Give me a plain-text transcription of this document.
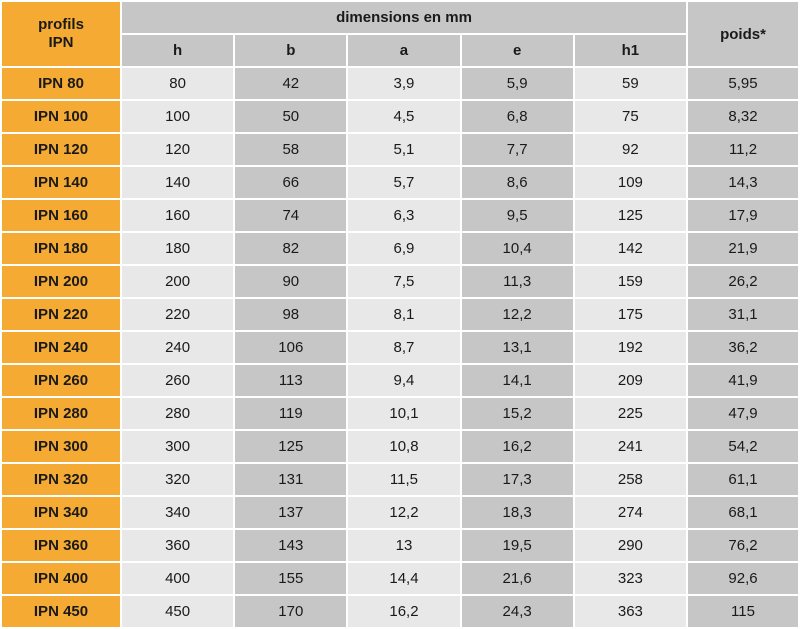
profils
IPN	dimensions en mm					poids*
	h	b	a	e	h1	
IPN 80	80	42	3,9	5,9	59	5,95
IPN 100	100	50	4,5	6,8	75	8,32
IPN 120	120	58	5,1	7,7	92	11,2
IPN 140	140	66	5,7	8,6	109	14,3
IPN 160	160	74	6,3	9,5	125	17,9
IPN 180	180	82	6,9	10,4	142	21,9
IPN 200	200	90	7,5	11,3	159	26,2
IPN 220	220	98	8,1	12,2	175	31,1
IPN 240	240	106	8,7	13,1	192	36,2
IPN 260	260	113	9,4	14,1	209	41,9
IPN 280	280	119	10,1	15,2	225	47,9
IPN 300	300	125	10,8	16,2	241	54,2
IPN 320	320	131	11,5	17,3	258	61,1
IPN 340	340	137	12,2	18,3	274	68,1
IPN 360	360	143	13	19,5	290	76,2
IPN 400	400	155	14,4	21,6	323	92,6
IPN 450	450	170	16,2	24,3	363	115
